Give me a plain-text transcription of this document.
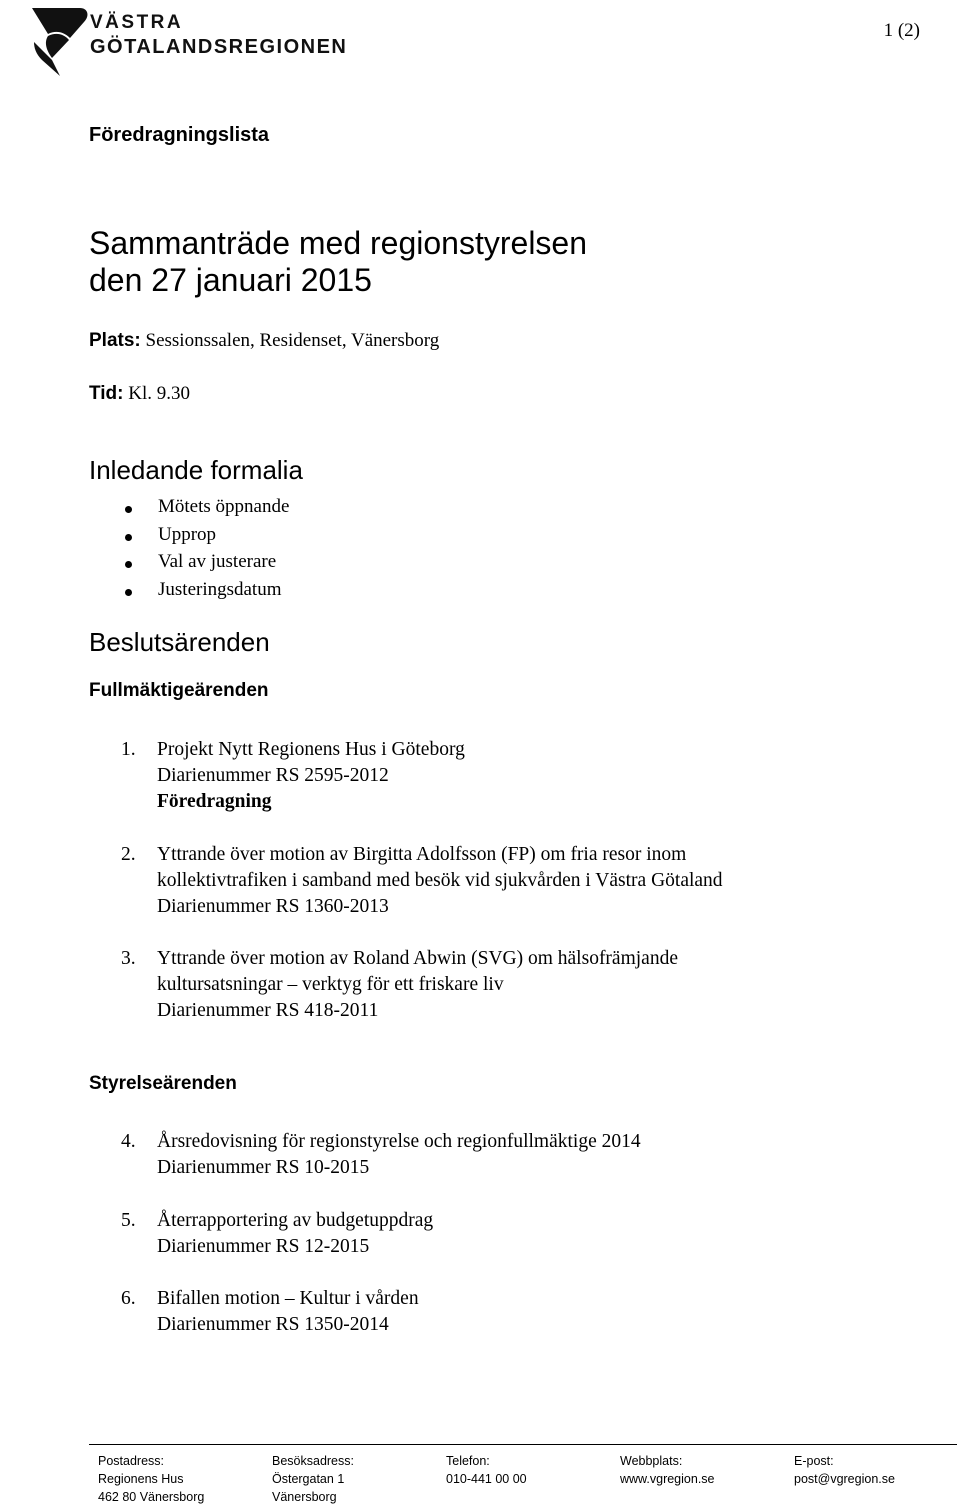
VÄSTRA
GÖTALANDSREGIONEN
1 (2)
Föredragningslista
Sammanträde med regionstyrelsen
den 27 januari 2015
Plats: Sessionssalen, Residenset, Vänersborg
Tid: Kl. 9.30
Inledande formalia
Mötets öppnande
Upprop
Val av justerare
Justeringsdatum
Beslutsärenden
Fullmäktigeärenden
1. Projekt Nytt Regionens Hus i Göteborg
Diarienummer RS 2595-2012
Föredragning
2. Yttrande över motion av Birgitta Adolfsson (FP) om fria resor inom
kollektivtrafiken i samband med besök vid sjukvården i Västra Götaland
Diarienummer RS 1360-2013
3. Yttrande över motion av Roland Abwin (SVG) om hälsofrämjande
kultursatsningar – verktyg för ett friskare liv
Diarienummer RS 418-2011
Styrelseärenden
4. Årsredovisning för regionstyrelse och regionfullmäktige 2014
Diarienummer RS 10-2015
5. Återrapportering av budgetuppdrag
Diarienummer RS 12-2015
6. Bifallen motion – Kultur i vården
Diarienummer RS 1350-2014
Postadress:
Regionens Hus
462 80 Vänersborg
Besöksadress:
Östergatan 1
Vänersborg
Telefon:
010-441 00 00
Webbplats:
www.vgregion.se
E-post:
post@vgregion.se
